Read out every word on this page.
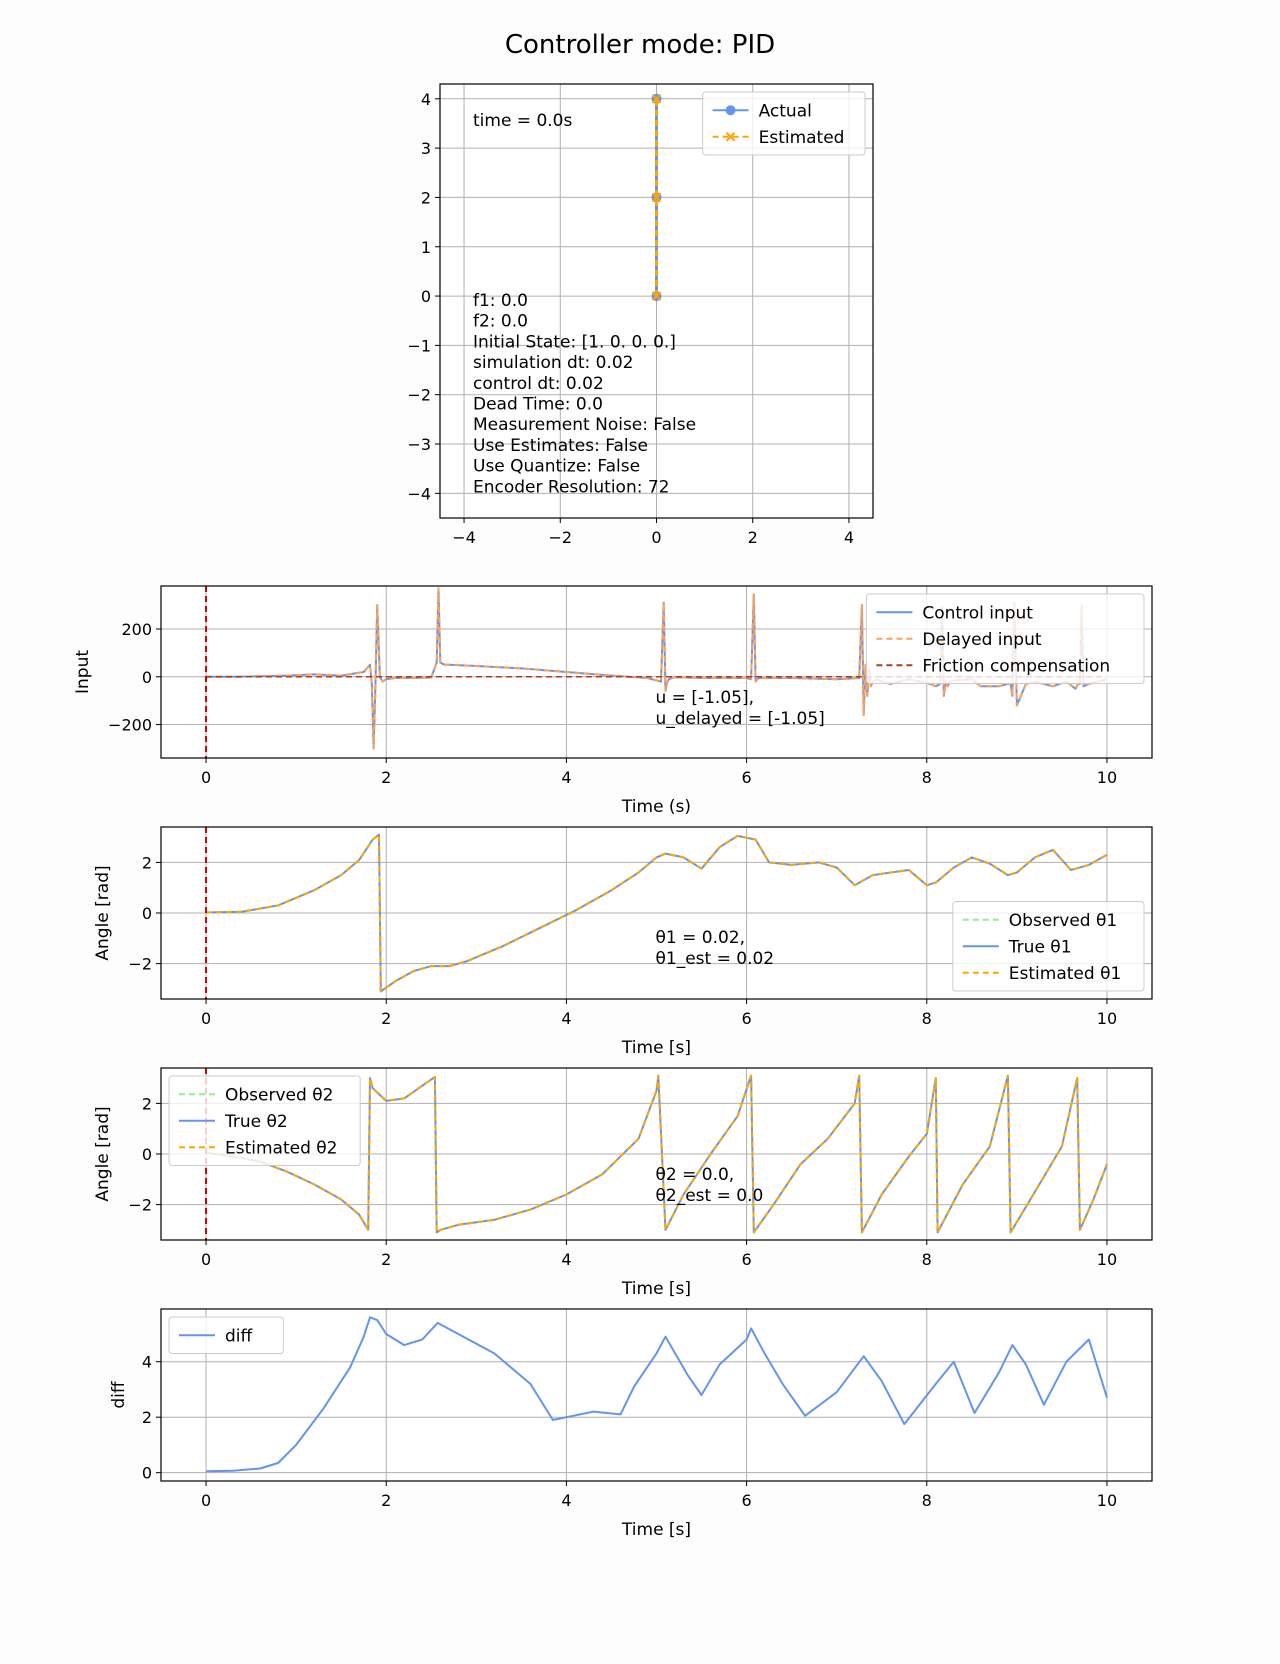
Controller mode: PID
−4	−2	0	2	4
−4
−3
−2
−1
0
1
2
3
4
time = 0.0s
f1: 0.0
f2: 0.0
Initial State: [1. 0. 0. 0.]
simulation dt: 0.02
control dt: 0.02
Dead Time: 0.0
Measurement Noise: False
Use Estimates: False
Use Quantize: False
Encoder Resolution: 72
Actual
Estimated
0	2	4	6	8	10
−200
0
200
Time (s)
Input
u = [-1.05],
u_delayed = [-1.05]
Control input
Delayed input
Friction compensation
0	2	4	6	8	10
−2
0
2
Time [s]
Angle [rad]	θ1 = 0.02,
θ1_est = 0.02
Observed θ1
True θ1
Estimated θ1
0	2	4	6	8	10
−2
0
2
Time [s]
Angle [rad]	θ2 = 0.0,
θ2_est = 0.0
Observed θ2
True θ2
Estimated θ2
0	2	4	6	8	10
0
2
4
Time [s]
diff
diff
